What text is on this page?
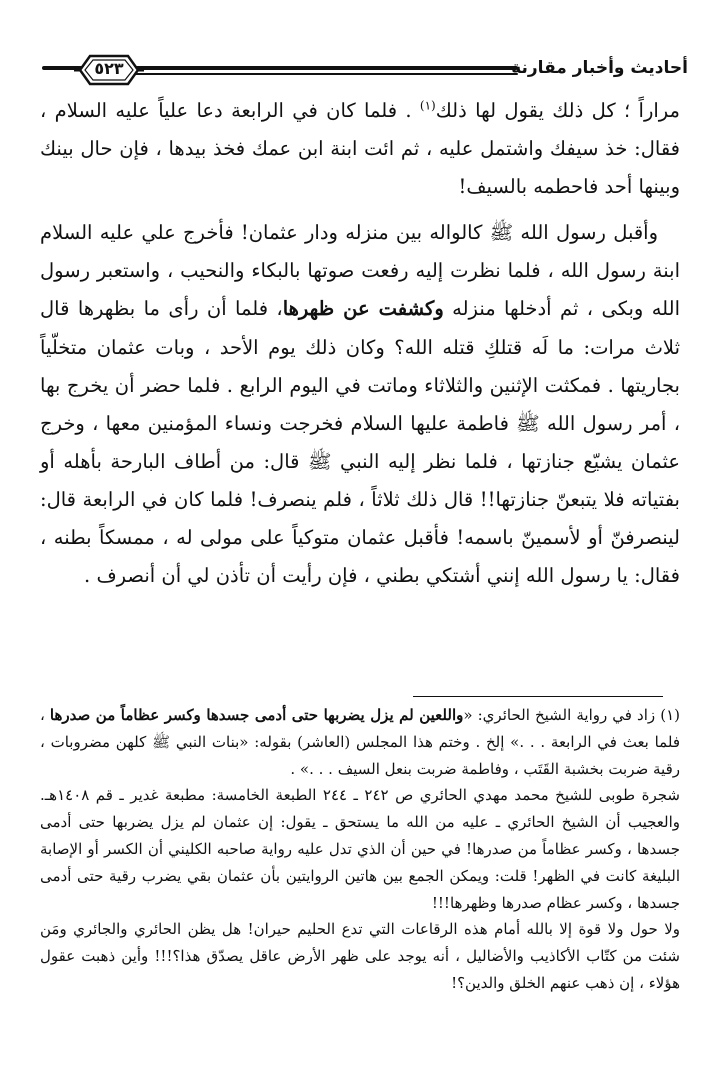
٥٢٣	أحاديث وأخبار مقارنة

مراراً ؛ كل ذلك يقول لها ذلك$^{(١)}$ . فلما كان في الرابعة دعا علياً عليه السلام ، فقال: خذ سيفك واشتمل عليه ، ثم ائت ابنة ابن عمك فخذ بيدها ، فإن حال بينك وبينها أحد فاحطمه بالسيف!

وأقبل رسول الله ﷺ كالواله بين منزله ودار عثمان! فأخرج علي عليه السلام ابنة رسول الله ، فلما نظرت إليه رفعت صوتها بالبكاء والنحيب ، واستعبر رسول الله وبكى ، ثم أدخلها منزله وكشفت عن ظهرها، فلما أن رأى ما بظهرها قال ثلاث مرات: ما لَه قتلكِ قتله الله؟ وكان ذلك يوم الأحد ، وبات عثمان متخلّياً بجاريتها . فمكثت الإثنين والثلاثاء وماتت في اليوم الرابع . فلما حضر أن يخرج بها ، أمر رسول الله ﷺ فاطمة عليها السلام فخرجت ونساء المؤمنين معها ، وخرج عثمان يشيّع جنازتها ، فلما نظر إليه النبي ﷺ قال: من أطاف البارحة بأهله أو بفتياته فلا يتبعنّ جنازتها!! قال ذلك ثلاثاً ، فلم ينصرف! فلما كان في الرابعة قال: لينصرفنّ أو لأسمينّ باسمه! فأقبل عثمان متوكياً على مولى له ، ممسكاً بطنه ، فقال: يا رسول الله إنني أشتكي بطني ، فإن رأيت أن تأذن لي أن أنصرف .

(١) زاد في رواية الشيخ الحائري: «واللعين لم يزل يضربها حتى أدمى جسدها وكسر عظاماً من صدرها ، فلما بعث في الرابعة . . .» إلخ . وختم هذا المجلس (العاشر) بقوله: «بنات النبي ﷺ كلهن مضروبات ، رقية ضربت بخشبة القَتَب ، وفاطمة ضربت بنعل السيف . . .» .

شجرة طوبى للشيخ محمد مهدي الحائري ص ٢٤٢ ـ ٢٤٤ الطبعة الخامسة: مطبعة غدير ـ قم ١٤٠٨هـ. والعجيب أن الشيخ الحائري ـ عليه من الله ما يستحق ـ يقول: إن عثمان لم يزل يضربها حتى أدمى جسدها ، وكسر عظاماً من صدرها! في حين أن الذي تدل عليه رواية صاحبه الكليني أن الكسر أو الإصابة البليغة كانت في الظهر! قلت: ويمكن الجمع بين هاتين الروايتين بأن عثمان بقي يضرب رقية حتى أدمى جسدها ، وكسر عظام صدرها وظهرها!!!

ولا حول ولا قوة إلا بالله أمام هذه الرقاعات التي تدع الحليم حيران! هل يظن الحائري والجائري ومَن شئت من كتّاب الأكاذيب والأضاليل ، أنه يوجد على ظهر الأرض عاقل يصدّق هذا؟!!! وأين ذهبت عقول هؤلاء ، إن ذهب عنهم الخلق والدين؟!
